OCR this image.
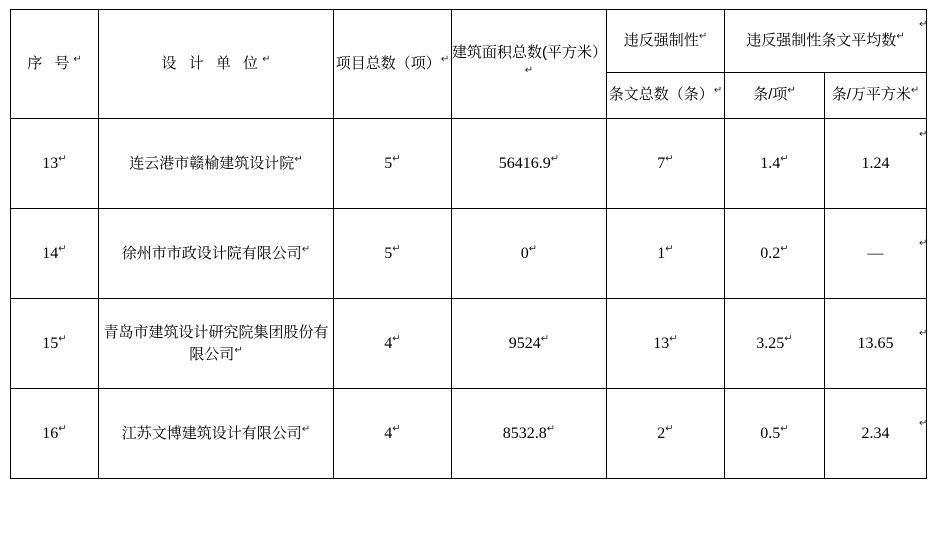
序 号↵	设 计 单 位↵	项目总数（项）↵	建筑面积总数(平方米）↵	违反强制性↵	违反强制性条文平均数↵
				条文总数（条）↵	条/项↵	条/万平方米↵
13↵	连云港市赣榆建筑设计院↵	5↵	56416.9↵	7↵	1.4↵	1.24
14↵	徐州市市政设计院有限公司↵	5↵	0↵	1↵	0.2↵	—
15↵	青岛市建筑设计研究院集团股份有限公司↵	4↵	9524↵	13↵	3.25↵	13.65
16↵	江苏文博建筑设计有限公司↵	4↵	8532.8↵	2↵	0.5↵	2.34
↵
↵
↵
↵
↵
